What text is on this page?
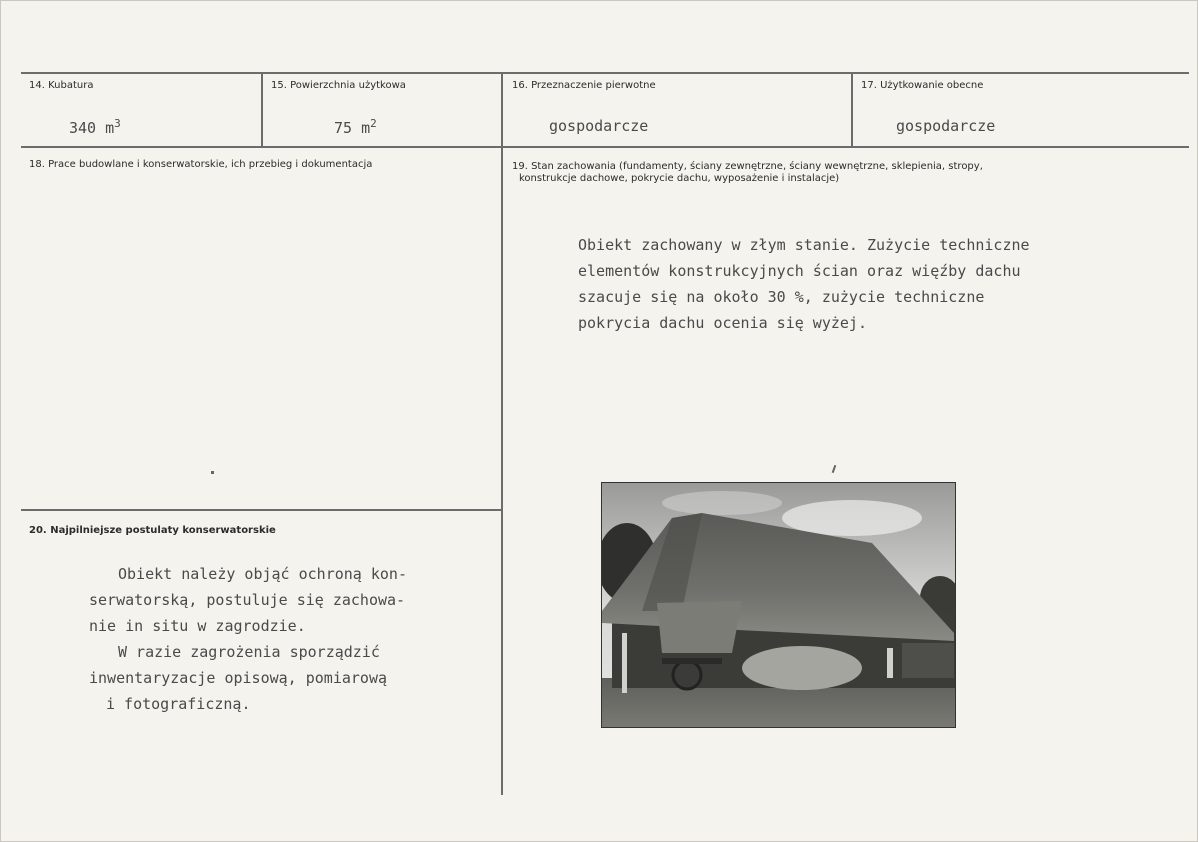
14. Kubatura
340 $m^3$
15. Powierzchnia użytkowa
75 $m^2$
16. Przeznaczenie pierwotne
gospodarcze
17. Użytkowanie obecne
gospodarcze
18. Prace budowlane i konserwatorskie, ich przebieg i dokumentacja	19. Stan zachowania (fundamenty, ściany zewnętrzne, ściany wewnętrzne, sklepienia, stropy,
konstrukcje dachowe, pokrycie dachu, wyposażenie i instalacje)
Obiekt zachowany w złym stanie. Zużycie techniczne
elementów konstrukcyjnych ścian oraz więźby dachu
szacuje się na około 30 %, zużycie techniczne
pokrycia dachu ocenia się wyżej.
20. Najpilniejsze postulaty konserwatorskie
Obiekt należy objąć ochroną kon-
serwatorską, postuluje się zachowa-
nie in situ w zagrodzie.
W razie zagrożenia sporządzić
inwentaryzacje opisową, pomiarową
i fotograficzną.
